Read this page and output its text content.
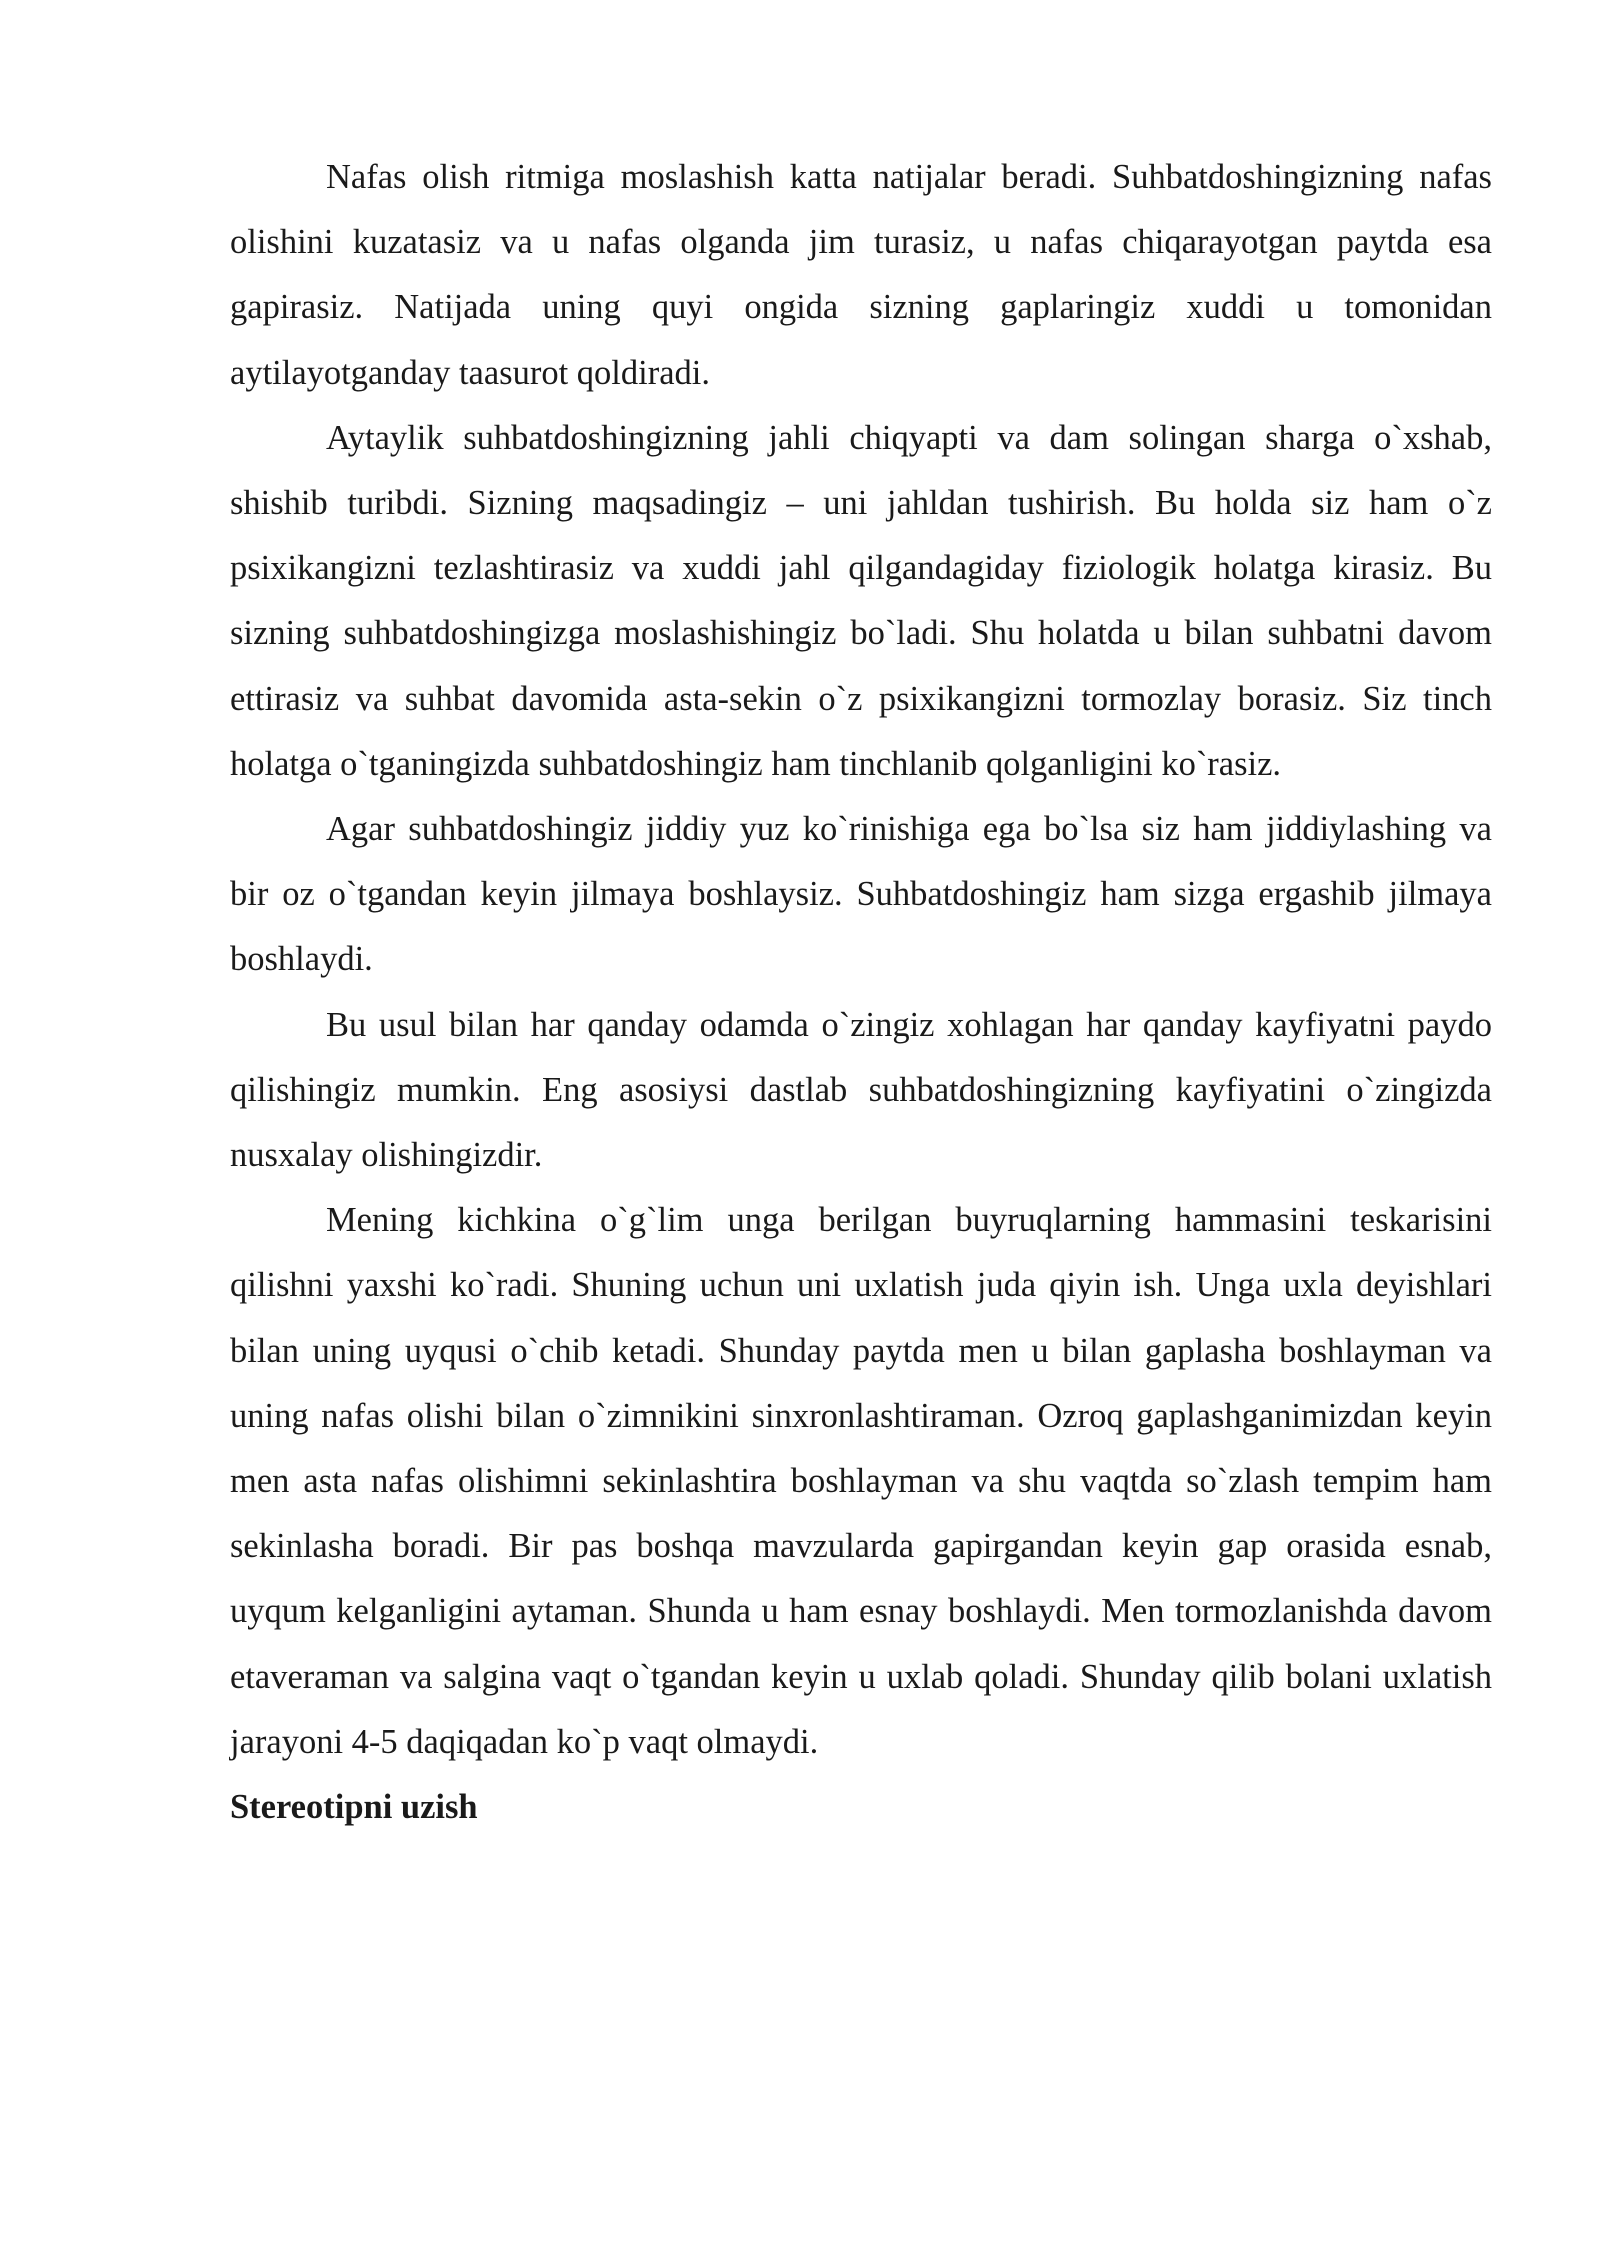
Nafas olish ritmiga moslashish katta natijalar beradi. Suhbatdoshingizning nafas olishini kuzatasiz va u nafas olganda jim turasiz, u nafas chiqarayotgan paytda esa gapirasiz. Natijada uning quyi ongida sizning gaplaringiz xuddi u tomonidan aytilayotganday taasurot qoldiradi.

Aytaylik suhbatdoshingizning jahli chiqyapti va dam solingan sharga o`xshab, shishib turibdi. Sizning maqsadingiz – uni jahldan tushirish. Bu holda siz ham o`z psixikangizni tezlashtirasiz va xuddi jahl qilgandagiday fiziologik holatga kirasiz. Bu sizning suhbatdoshingizga moslashishingiz bo`ladi. Shu holatda u bilan suhbatni davom ettirasiz va suhbat davomida asta-sekin o`z psixikangizni tormozlay borasiz. Siz tinch holatga o`tganingizda suhbatdoshingiz ham tinchlanib qolganligini ko`rasiz.

Agar suhbatdoshingiz jiddiy yuz ko`rinishiga ega bo`lsa siz ham jiddiylashing va bir oz o`tgandan keyin jilmaya boshlaysiz. Suhbatdoshingiz ham sizga ergashib jilmaya boshlaydi.

Bu usul bilan har qanday odamda o`zingiz xohlagan har qanday kayfiyatni paydo qilishingiz mumkin. Eng asosiysi dastlab suhbatdoshingizning kayfiyatini o`zingizda nusxalay olishingizdir.

Mening kichkina o`g`lim unga berilgan buyruqlarning hammasini teskarisini qilishni yaxshi ko`radi. Shuning uchun uni uxlatish juda qiyin ish. Unga uxla deyishlari bilan uning uyqusi o`chib ketadi. Shunday paytda men u bilan gaplasha boshlayman va uning nafas olishi bilan o`zimnikini sinxronlashtiraman. Ozroq gaplashganimizdan keyin men asta nafas olishimni sekinlashtira boshlayman va shu vaqtda so`zlash tempim ham sekinlasha boradi. Bir pas boshqa mavzularda gapirgandan keyin gap orasida esnab, uyqum kelganligini aytaman. Shunda u ham esnay boshlaydi. Men tormozlanishda davom etaveraman va salgina vaqt o`tgandan keyin u uxlab qoladi. Shunday qilib bolani uxlatish jarayoni 4-5 daqiqadan ko`p vaqt olmaydi.

Stereotipni uzish
